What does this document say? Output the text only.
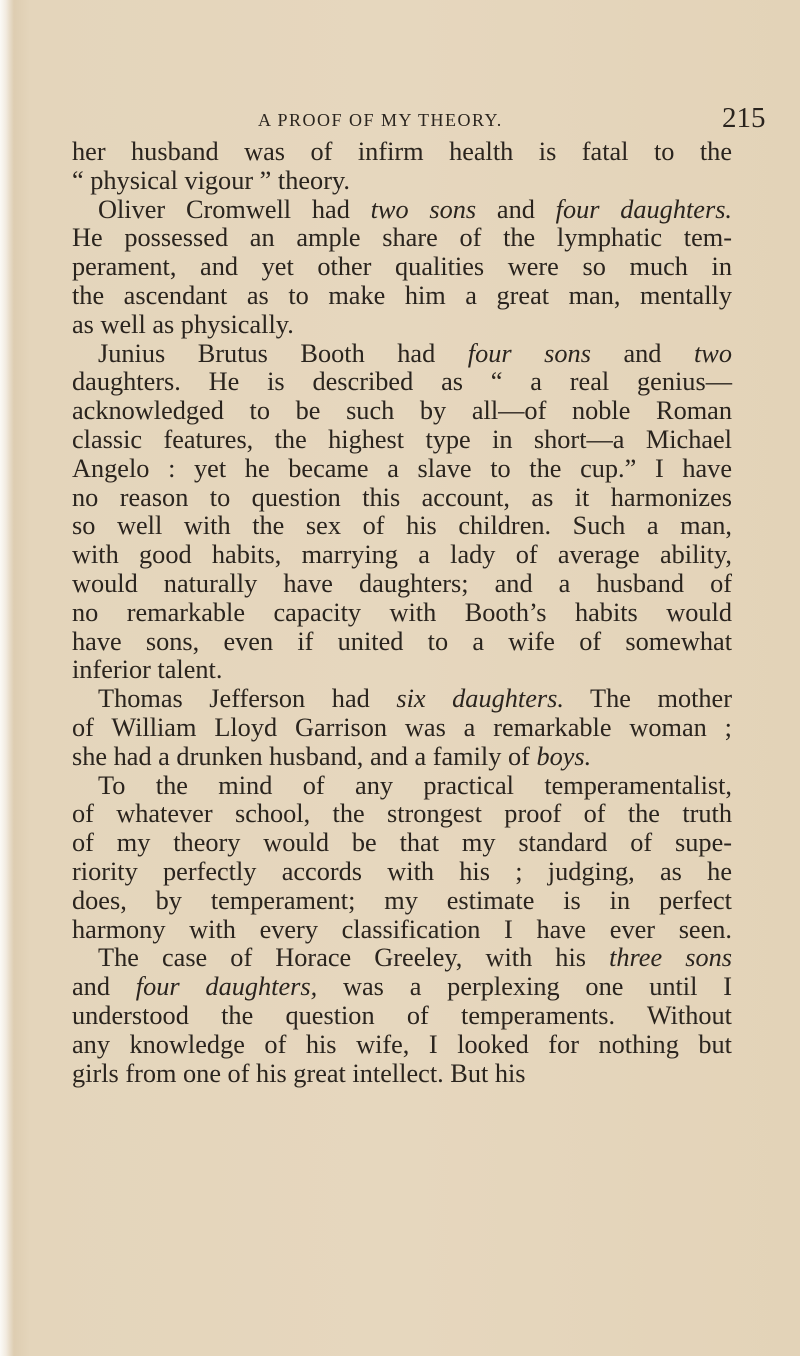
A PROOF OF MY THEORY.	215
her husband was of infirm health is fatal to the
“ physical vigour ” theory.
Oliver Cromwell had two sons and four daughters.
He possessed an ample share of the lymphatic tem-
perament, and yet other qualities were so much in
the ascendant as to make him a great man, mentally
as well as physically.
Junius Brutus Booth had four sons and two
daughters. He is described as “ a real genius—
acknowledged to be such by all—of noble Roman
classic features, the highest type in short—a Michael
Angelo : yet he became a slave to the cup.” I have
no reason to question this account, as it harmonizes
so well with the sex of his children. Such a man,
with good habits, marrying a lady of average ability,
would naturally have daughters; and a husband of
no remarkable capacity with Booth’s habits would
have sons, even if united to a wife of somewhat
inferior talent.
Thomas Jefferson had six daughters. The mother
of William Lloyd Garrison was a remarkable woman ;
she had a drunken husband, and a family of boys.
To the mind of any practical temperamentalist,
of whatever school, the strongest proof of the truth
of my theory would be that my standard of supe-
riority perfectly accords with his ; judging, as he
does, by temperament; my estimate is in perfect
harmony with every classification I have ever seen.
The case of Horace Greeley, with his three sons
and four daughters, was a perplexing one until I
understood the question of temperaments. Without
any knowledge of his wife, I looked for nothing but
girls from one of his great intellect. But his
